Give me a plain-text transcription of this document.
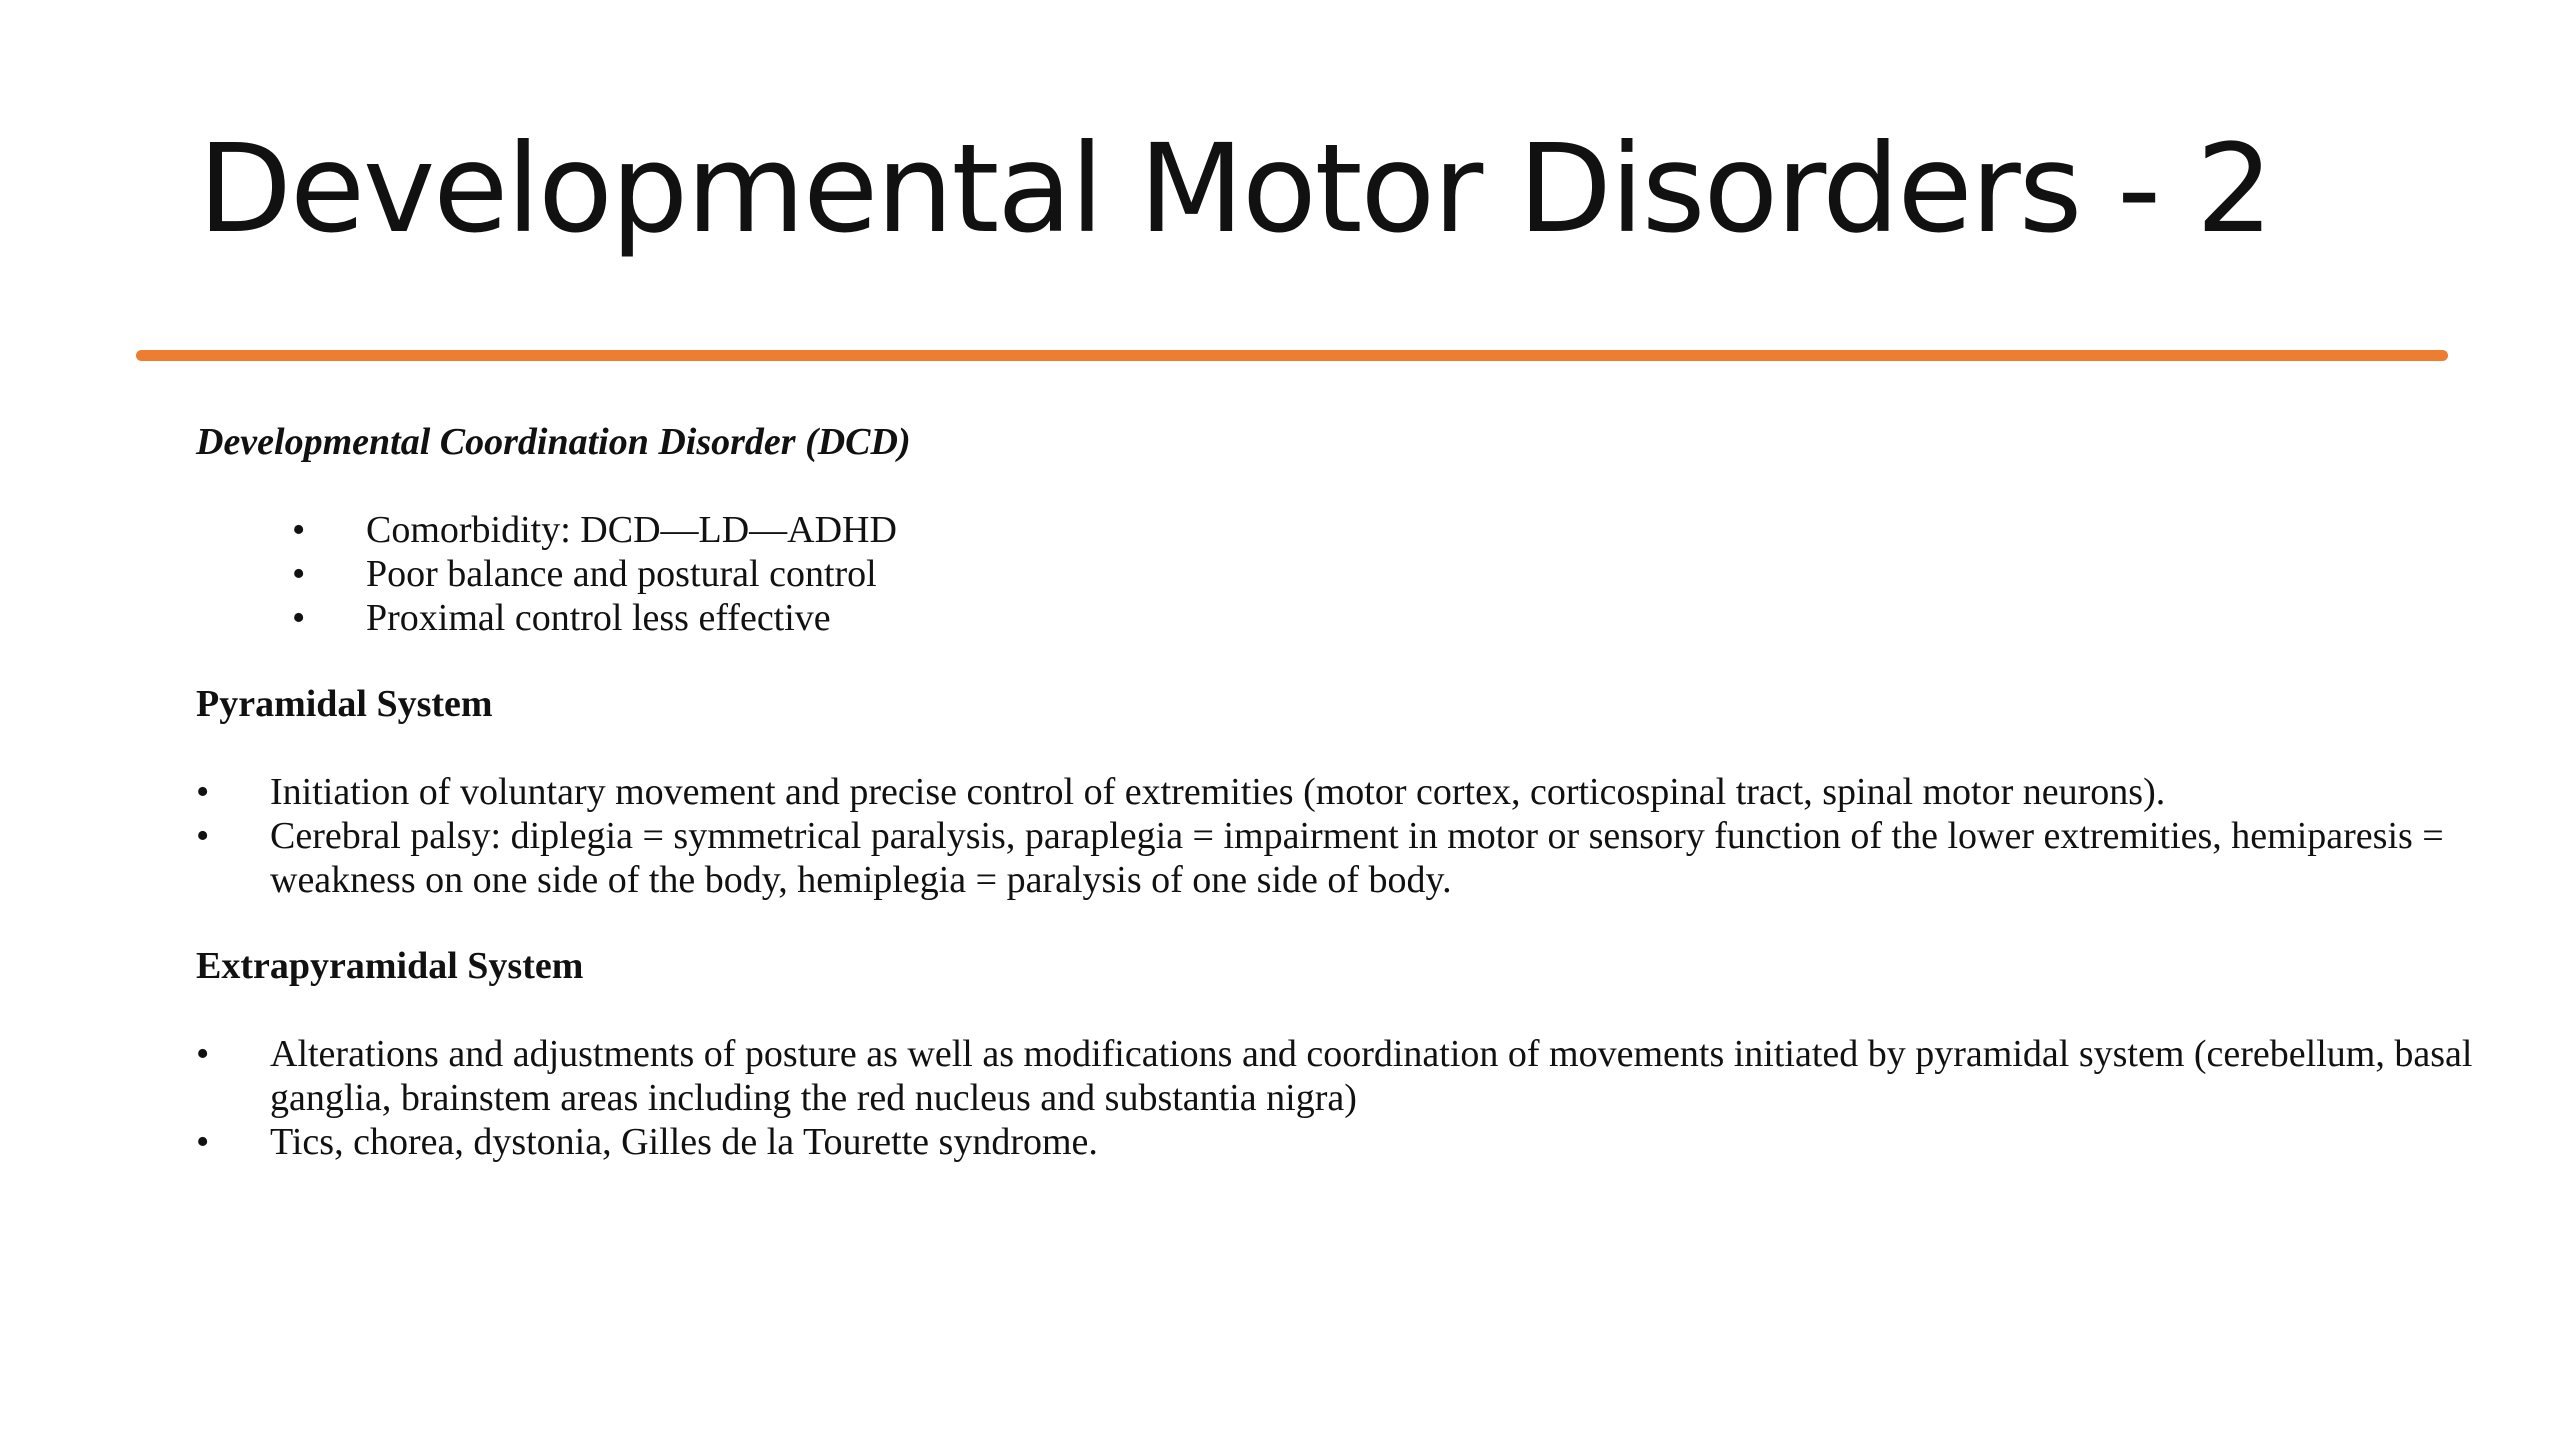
Developmental Motor Disorders - 2

Developmental Coordination Disorder (DCD)

• Comorbidity: DCD—LD—ADHD
• Poor balance and postural control
• Proximal control less effective

Pyramidal System

• Initiation of voluntary movement and precise control of extremities (motor cortex, corticospinal tract, spinal motor neurons).
• Cerebral palsy: diplegia = symmetrical paralysis, paraplegia = impairment in motor or sensory function of the lower extremities, hemiparesis = weakness on one side of the body, hemiplegia = paralysis of one side of body.

Extrapyramidal System

• Alterations and adjustments of posture as well as modifications and coordination of movements initiated by pyramidal system (cerebellum, basal ganglia, brainstem areas including the red nucleus and substantia nigra)
• Tics, chorea, dystonia, Gilles de la Tourette syndrome.
